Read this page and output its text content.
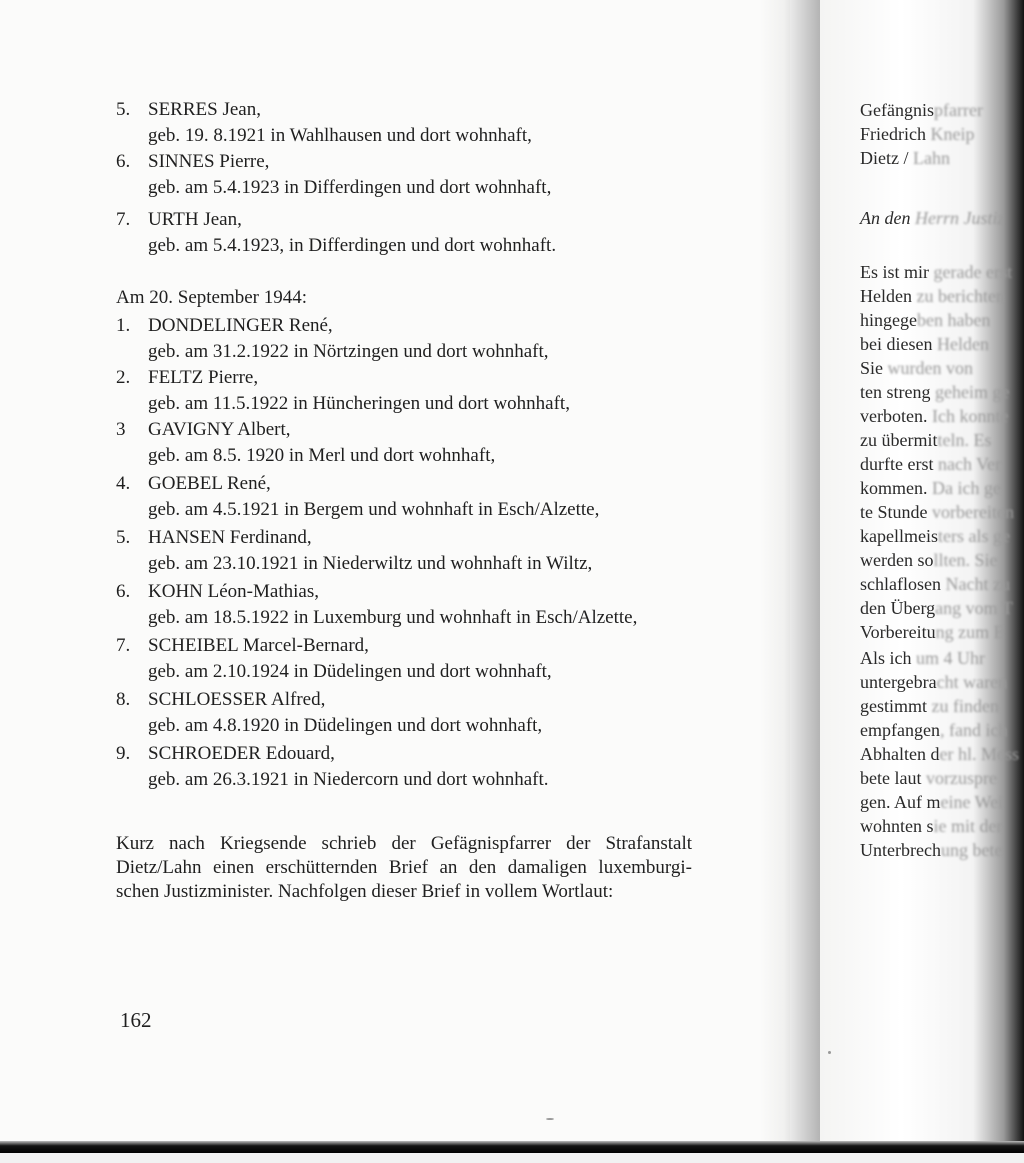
5. SERRES Jean,
geb. 19. 8.1921 in Wahlhausen und dort wohnhaft,
6. SINNES Pierre,
geb. am 5.4.1923 in Differdingen und dort wohnhaft,
7. URTH Jean,
geb. am 5.4.1923, in Differdingen und dort wohnhaft.
Am 20. September 1944:
1. DONDELINGER René,
geb. am 31.2.1922 in Nörtzingen und dort wohnhaft,
2. FELTZ Pierre,
geb. am 11.5.1922 in Hüncheringen und dort wohnhaft,
3	GAVIGNY Albert,
geb. am 8.5. 1920 in Merl und dort wohnhaft,
4. GOEBEL René,
geb. am 4.5.1921 in Bergem und wohnhaft in Esch/Alzette,
5. HANSEN Ferdinand,
geb. am 23.10.1921 in Niederwiltz und wohnhaft in Wiltz,
6. KOHN Léon-Mathias,
geb. am 18.5.1922 in Luxemburg und wohnhaft in Esch/Alzette,
7. SCHEIBEL Marcel-Bernard,
geb. am 2.10.1924 in Düdelingen und dort wohnhaft,
8. SCHLOESSER Alfred,
geb. am 4.8.1920 in Düdelingen und dort wohnhaft,
9. SCHROEDER Edouard,
geb. am 26.3.1921 in Niedercorn und dort wohnhaft.
Kurz nach Kriegsende schrieb der Gefägnispfarrer der Strafanstalt
Dietz/Lahn einen erschütternden Brief an den damaligen luxemburgi-
schen Justizminister. Nachfolgen dieser Brief in vollem Wortlaut:
162
Gefängnispfarrer
Friedrich Kneip
Dietz / Lahn
An den Herrn Justiz
Es ist mir gerade erst
Helden zu berichten
hingegeben haben
bei diesen Helden
Sie wurden von
ten streng geheim ge
verboten. Ich konnte
zu übermitteln. Es
durfte erst nach Ver
kommen. Da ich ge
te Stunde vorbereiten
kapellmeisters als ge
werden sollten. Sie
schlaflosen Nacht zu
den Übergang vom T
Vorbereitung zum E
Als ich um 4 Uhr
untergebracht waren
gestimmt zu finden
empfangen, fand ich
Abhalten der hl. Mess
bete laut vorzuspre
gen. Auf meine Wei
wohnten sie mit der
Unterbrechung bete
